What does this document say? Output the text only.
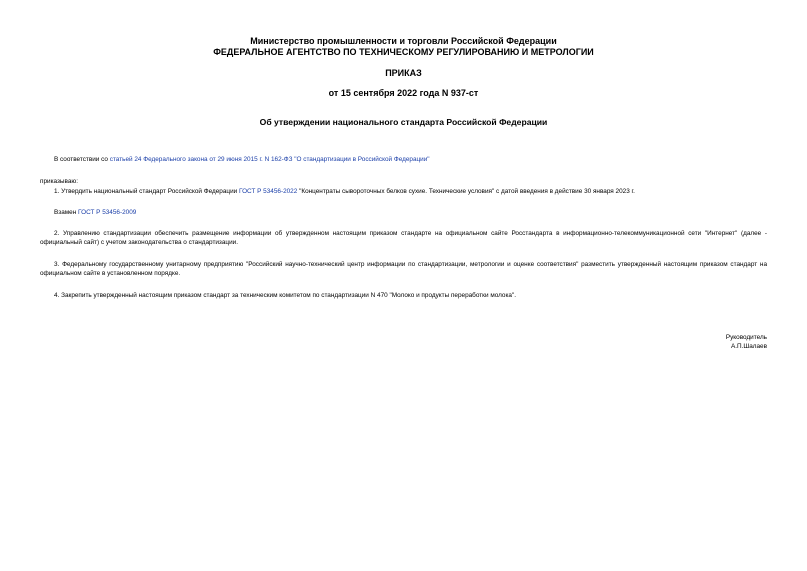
Министерство промышленности и торговли Российской Федерации
ФЕДЕРАЛЬНОЕ АГЕНТСТВО ПО ТЕХНИЧЕСКОМУ РЕГУЛИРОВАНИЮ И МЕТРОЛОГИИ
ПРИКАЗ
от 15 сентября 2022 года N 937-ст
Об утверждении национального стандарта Российской Федерации
В соответствии со статьей 24 Федерального закона от 29 июня 2015 г. N 162-ФЗ "О стандартизации в Российской Федерации"
приказываю:
1. Утвердить национальный стандарт Российской Федерации ГОСТ Р 53456-2022 "Концентраты сывороточных белков сухие. Технические условия" с датой введения в действие 30 января 2023 г.
Взамен ГОСТ Р 53456-2009
2. Управлению стандартизации обеспечить размещение информации об утвержденном настоящим приказом стандарте на официальном сайте Росстандарта в информационно-телекоммуникационной сети "Интернет" (далее - официальный сайт) с учетом законодательства о стандартизации.
3. Федеральному государственному унитарному предприятию "Российский научно-технический центр информации по стандартизации, метрологии и оценке соответствия" разместить утвержденный настоящим приказом стандарт на официальном сайте в установленном порядке.
4. Закрепить утвержденный настоящим приказом стандарт за техническим комитетом по стандартизации N 470 "Молоко и продукты переработки молока".
Руководитель
А.П.Шалаев
